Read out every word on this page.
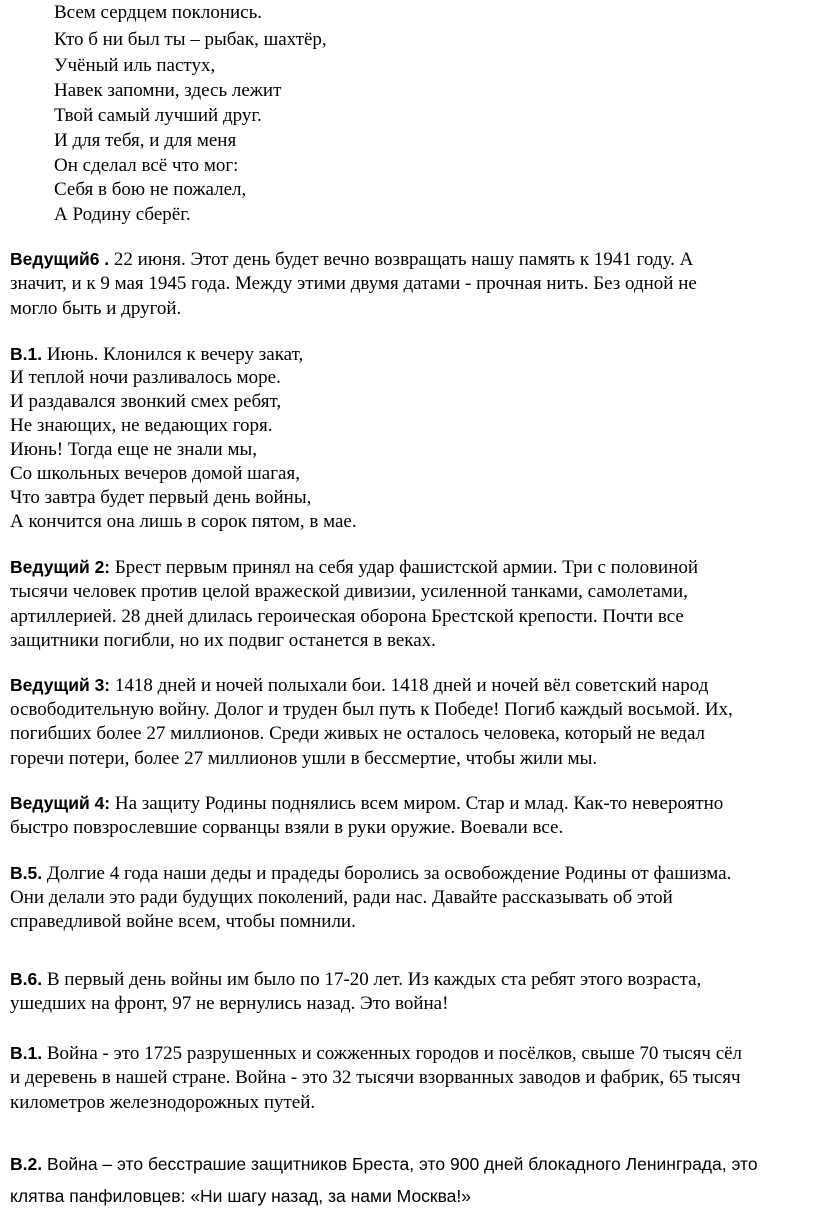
Всем сердцем поклонись.
Кто б ни был ты – рыбак, шахтёр,
Учёный иль пастух,
Навек запомни, здесь лежит
Твой самый лучший друг.
И для тебя, и для меня
Он сделал всё что мог:
Себя в бою не пожалел,
А Родину сберёг.
Ведущий6 . 22 июня. Этот день будет вечно возвращать нашу память к 1941 году. А
значит, и к 9 мая 1945 года. Между этими двумя датами - прочная нить. Без одной не
могло быть и другой.
В.1. Июнь. Клонился к вечеру закат,
И теплой ночи разливалось море.
И раздавался звонкий смех ребят,
Не знающих, не ведающих горя.
Июнь! Тогда еще не знали мы,
Со школьных вечеров домой шагая,
Что завтра будет первый день войны,
А кончится она лишь в сорок пятом, в мае.
Ведущий 2: Брест первым принял на себя удар фашистской армии. Три с половиной
тысячи человек против целой вражеской дивизии, усиленной танками, самолетами,
артиллерией. 28 дней длилась героическая оборона Брестской крепости. Почти все
защитники погибли, но их подвиг останется в веках.
Ведущий 3: 1418 дней и ночей полыхали бои. 1418 дней и ночей вёл советский народ
освободительную войну. Долог и труден был путь к Победе! Погиб каждый восьмой. Их,
погибших более 27 миллионов. Среди живых не осталось человека, который не ведал
горечи потери, более 27 миллионов ушли в бессмертие, чтобы жили мы.
Ведущий 4: На защиту Родины поднялись всем миром. Стар и млад. Как-то невероятно
быстро повзрослевшие сорванцы взяли в руки оружие. Воевали все.
В.5. Долгие 4 года наши деды и прадеды боролись за освобождение Родины от фашизма.
Они делали это ради будущих поколений, ради нас. Давайте рассказывать об этой
справедливой войне всем, чтобы помнили.
В.6. В первый день войны им было по 17-20 лет. Из каждых ста ребят этого возраста,
ушедших на фронт, 97 не вернулись назад. Это война!
В.1. Война - это 1725 разрушенных и сожженных городов и посёлков, свыше 70 тысяч сёл
и деревень в нашей стране. Война - это 32 тысячи взорванных заводов и фабрик, 65 тысяч
километров железнодорожных путей.
В.2. Война – это бесстрашие защитников Бреста, это 900 дней блокадного Ленинграда, это
клятва панфиловцев: «Ни шагу назад, за нами Москва!»
